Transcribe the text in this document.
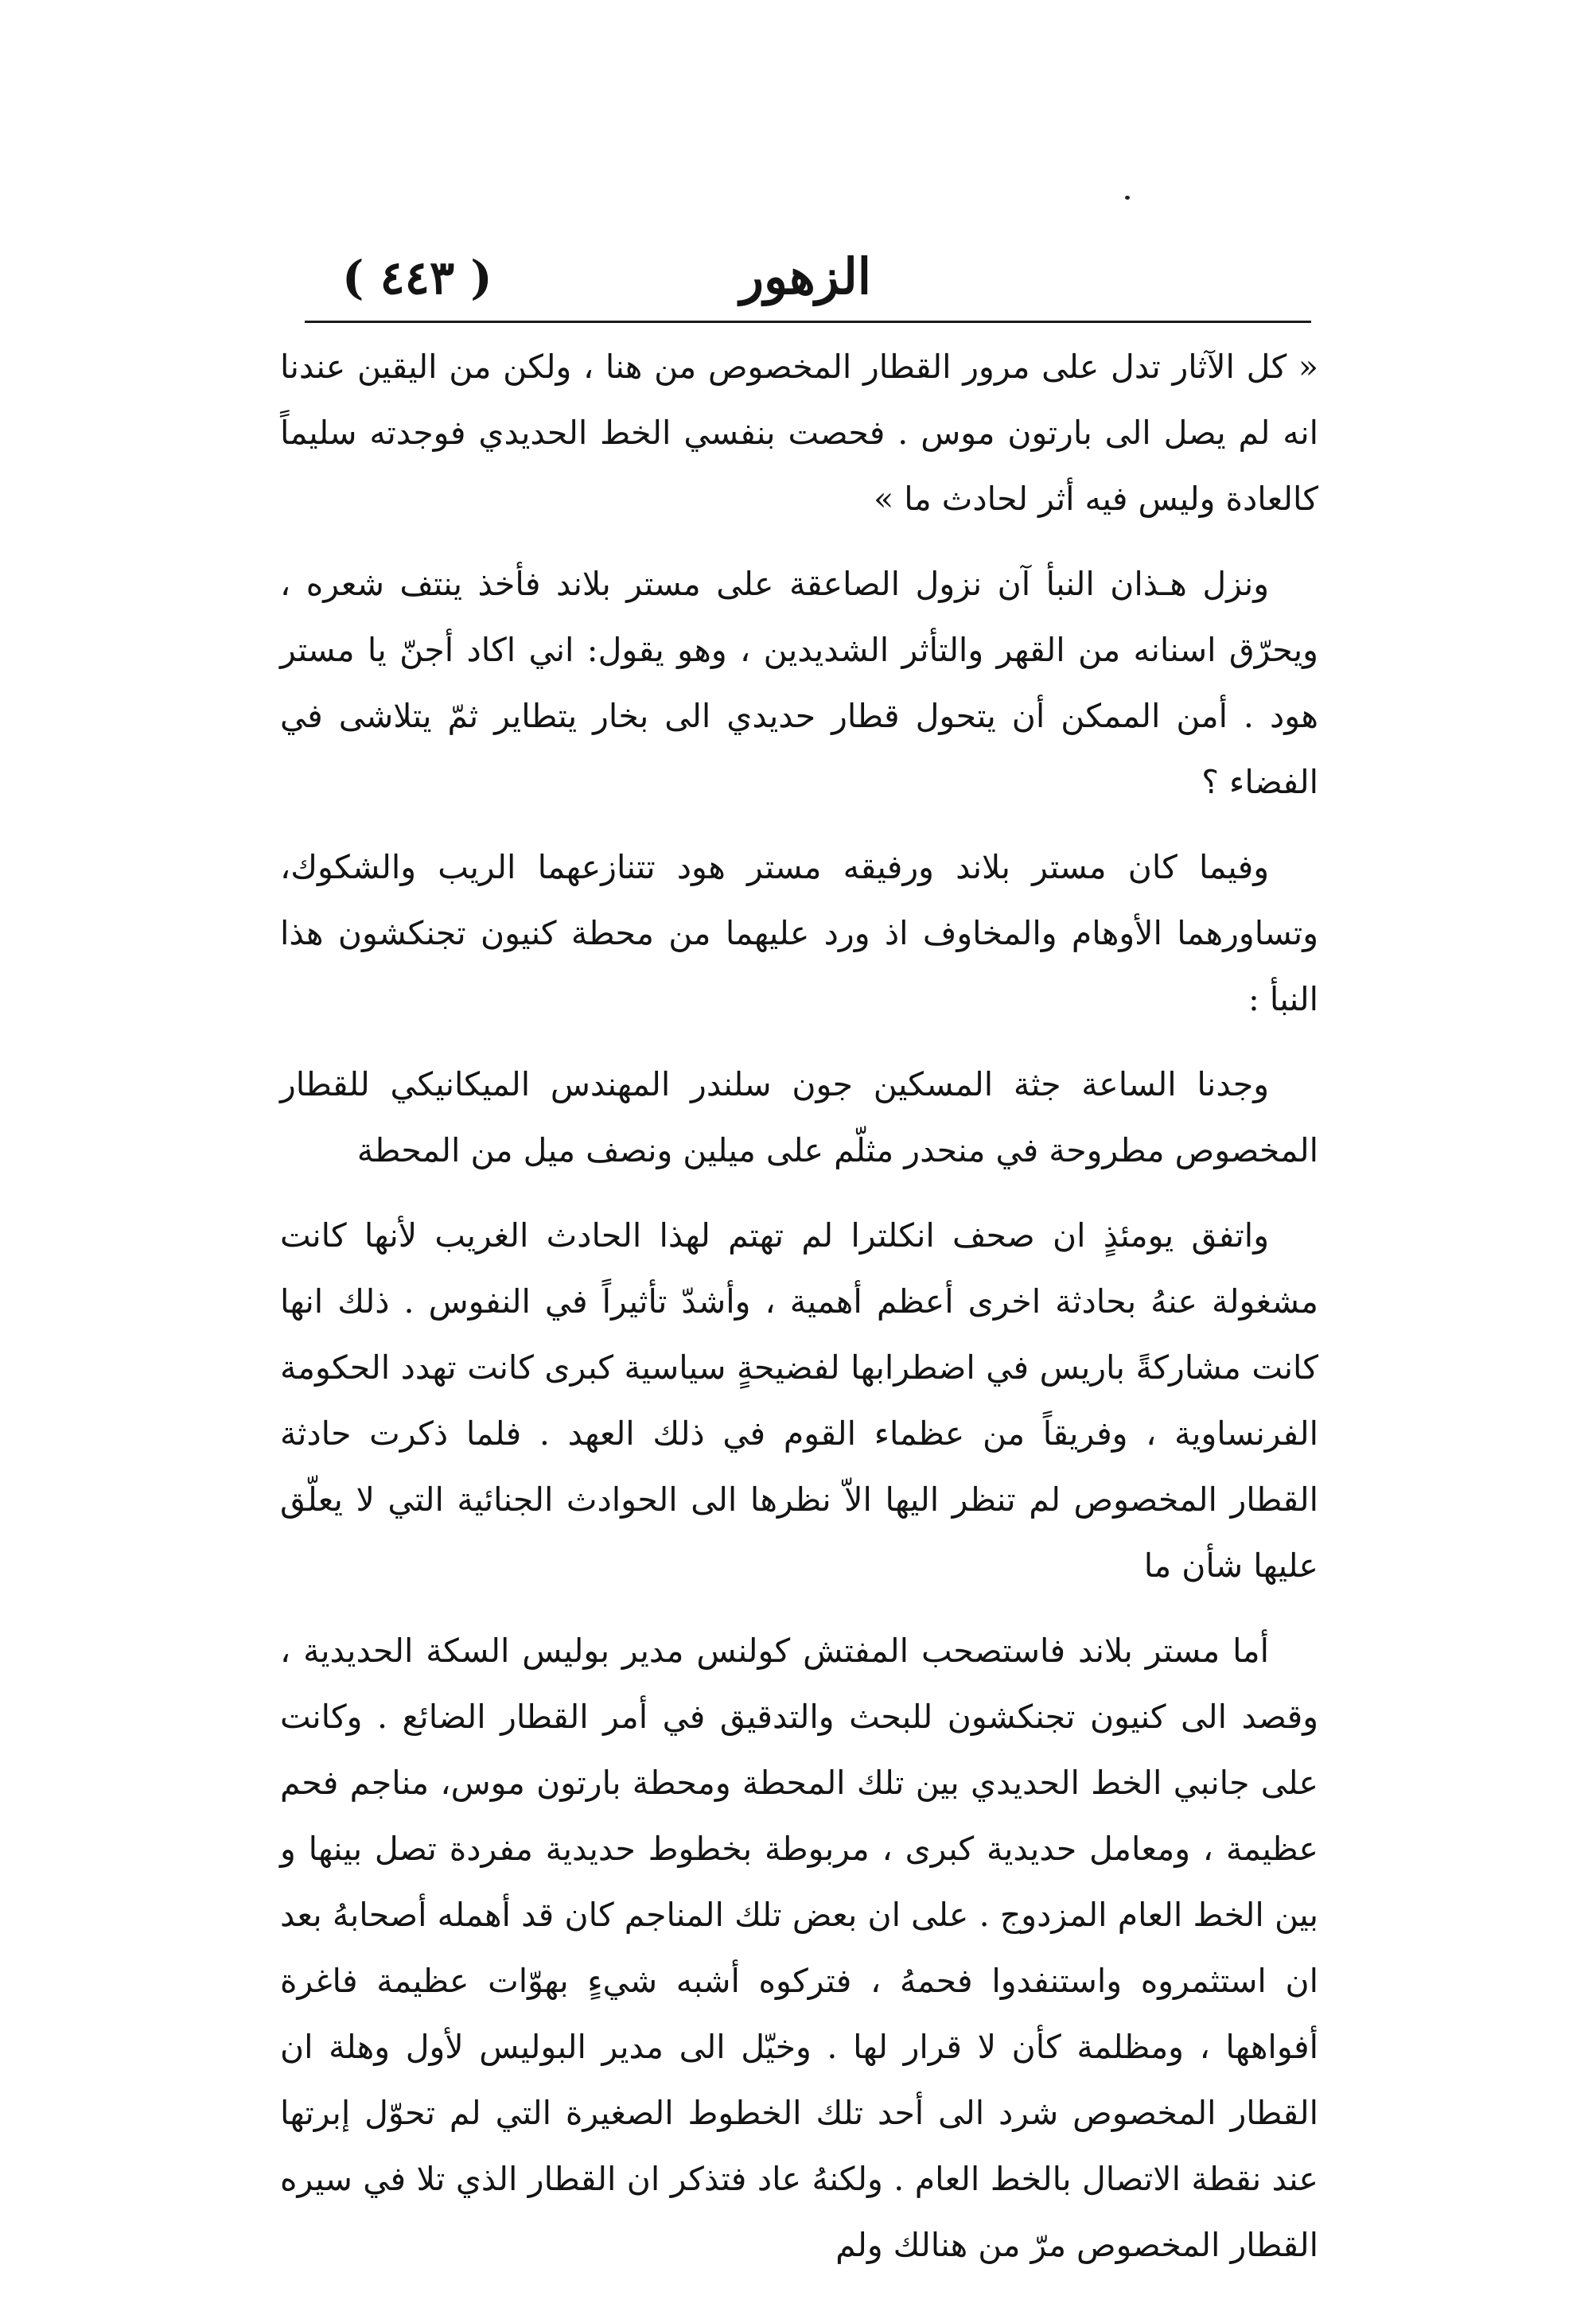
( ٤٤٣ )	الزهور

« كل الآثار تدل على مرور القطار المخصوص من هنا ، ولكن من اليقين عندنا انه لم يصل الى بارتون موس . فحصت بنفسي الخط الحديدي فوجدته سليماً كالعادة وليس فيه أثر لحادث ما »

ونزل هـذان النبأ آن نزول الصاعقة على مستر بلاند فأخذ ينتف شعره ، ويحرّق اسنانه من القهر والتأثر الشديدين ، وهو يقول: اني اكاد أجنّ يا مستر هود . أمن الممكن أن يتحول قطار حديدي الى بخار يتطاير ثمّ يتلاشى في الفضاء ؟

وفيما كان مستر بلاند ورفيقه مستر هود تتنازعهما الريب والشكوك، وتساورهما الأوهام والمخاوف اذ ورد عليهما من محطة كنيون تجنكشون هذا النبأ :

وجدنا الساعة جثة المسكين جون سلندر المهندس الميكانيكي للقطار المخصوص مطروحة في منحدر مثلّم على ميلين ونصف ميل من المحطة

واتفق يومئذٍ ان صحف انكلترا لم تهتم لهذا الحادث الغريب لأنها كانت مشغولة عنهُ بحادثة اخرى أعظم أهمية ، وأشدّ تأثيراً في النفوس . ذلك انها كانت مشاركةً باريس في اضطرابها لفضيحةٍ سياسية كبرى كانت تهدد الحكومة الفرنساوية ، وفريقاً من عظماء القوم في ذلك العهد . فلما ذكرت حادثة القطار المخصوص لم تنظر اليها الاّ نظرها الى الحوادث الجنائية التي لا يعلّق عليها شأن ما

أما مستر بلاند فاستصحب المفتش كولنس مدير بوليس السكة الحديدية ، وقصد الى كنيون تجنكشون للبحث والتدقيق في أمر القطار الضائع . وكانت على جانبي الخط الحديدي بين تلك المحطة ومحطة بارتون موس، مناجم فحم عظيمة ، ومعامل حديدية كبرى ، مربوطة بخطوط حديدية مفردة تصل بينها و بين الخط العام المزدوج . على ان بعض تلك المناجم كان قد أهمله أصحابهُ بعد ان استثمروه واستنفدوا فحمهُ ، فتركوه أشبه شيءٍ بهوّات عظيمة فاغرة أفواهها ، ومظلمة كأن لا قرار لها . وخيّل الى مدير البوليس لأول وهلة ان القطار المخصوص شرد الى أحد تلك الخطوط الصغيرة التي لم تحوّل إبرتها عند نقطة الاتصال بالخط العام . ولكنهُ عاد فتذكر ان القطار الذي تلا في سيره القطار المخصوص مرّ من هنالك ولم
